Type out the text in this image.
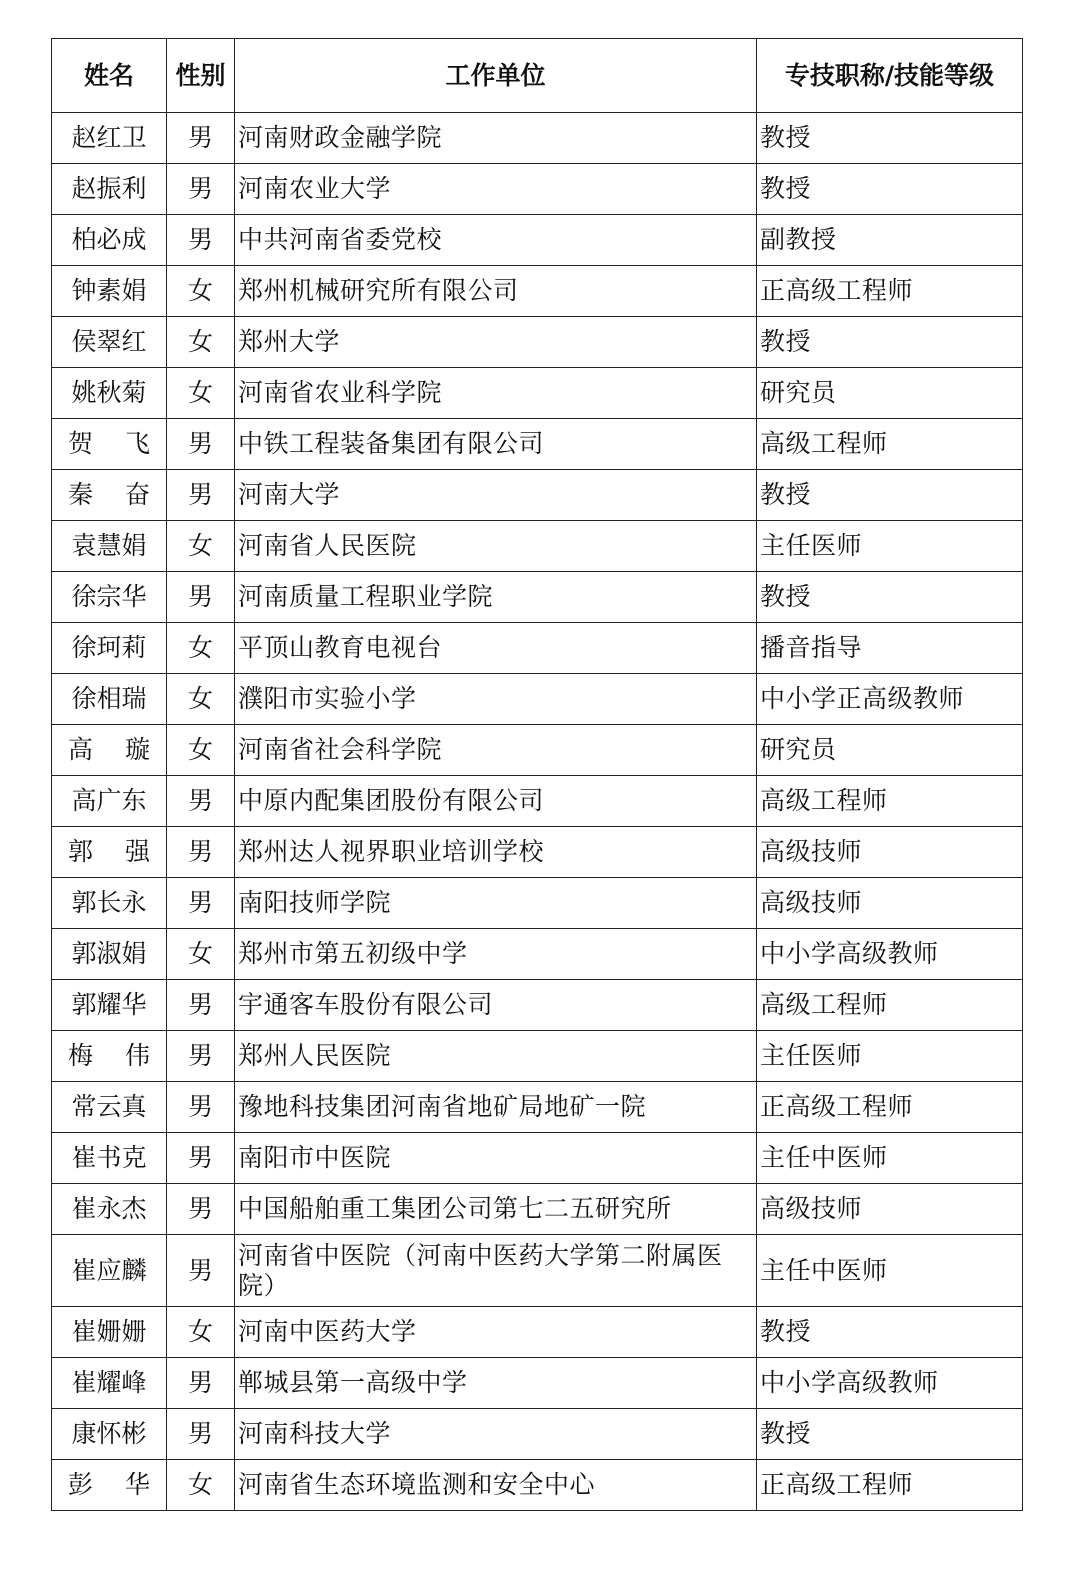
姓名	性别	工作单位	专技职称/技能等级
赵红卫	男	河南财政金融学院	教授
赵振利	男	河南农业大学	教授
柏必成	男	中共河南省委党校	副教授
钟素娟	女	郑州机械研究所有限公司	正高级工程师
侯翠红	女	郑州大学	教授
姚秋菊	女	河南省农业科学院	研究员
贺　飞	男	中铁工程装备集团有限公司	高级工程师
秦　奋	男	河南大学	教授
袁慧娟	女	河南省人民医院	主任医师
徐宗华	男	河南质量工程职业学院	教授
徐珂莉	女	平顶山教育电视台	播音指导
徐相瑞	女	濮阳市实验小学	中小学正高级教师
高　璇	女	河南省社会科学院	研究员
高广东	男	中原内配集团股份有限公司	高级工程师
郭　强	男	郑州达人视界职业培训学校	高级技师
郭长永	男	南阳技师学院	高级技师
郭淑娟	女	郑州市第五初级中学	中小学高级教师
郭耀华	男	宇通客车股份有限公司	高级工程师
梅　伟	男	郑州人民医院	主任医师
常云真	男	豫地科技集团河南省地矿局地矿一院	正高级工程师
崔书克	男	南阳市中医院	主任中医师
崔永杰	男	中国船舶重工集团公司第七二五研究所	高级技师
崔应麟	男	河南省中医院（河南中医药大学第二附属医院）	主任中医师
崔姗姗	女	河南中医药大学	教授
崔耀峰	男	郸城县第一高级中学	中小学高级教师
康怀彬	男	河南科技大学	教授
彭　华	女	河南省生态环境监测和安全中心	正高级工程师
